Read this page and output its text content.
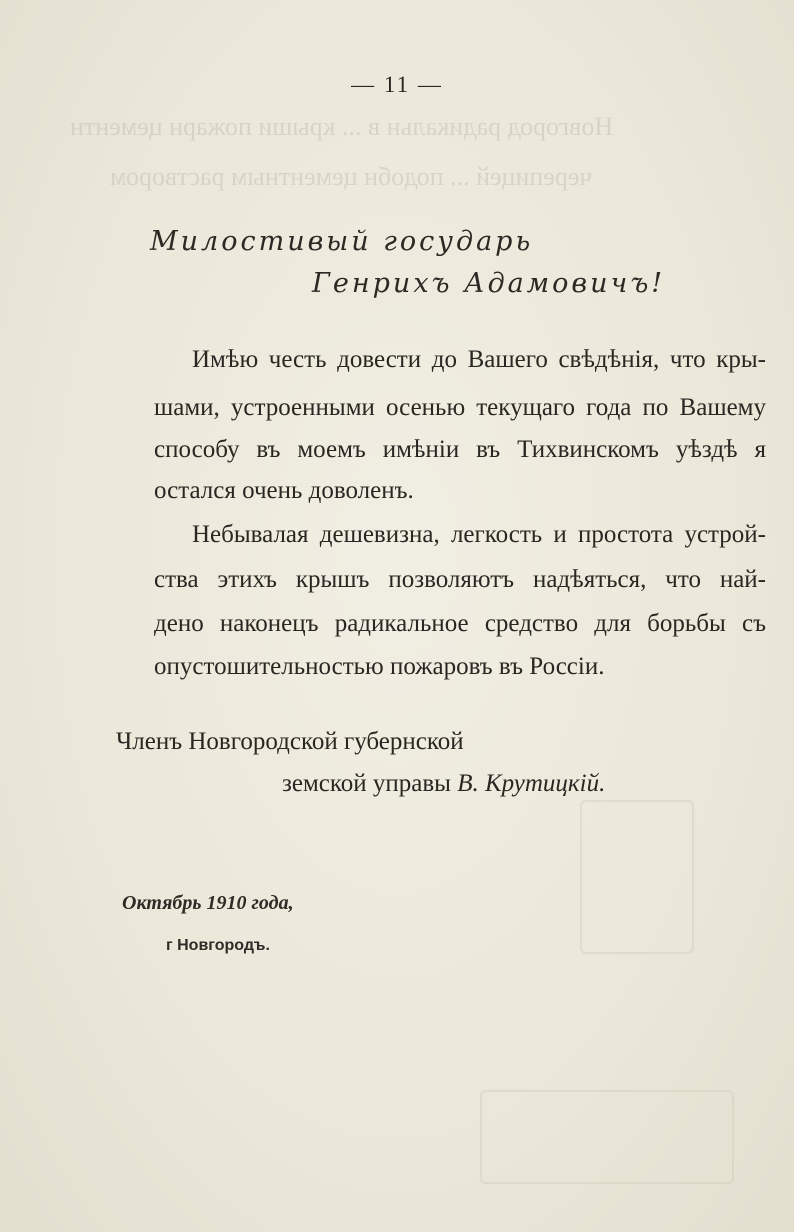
Новгород радикальн в ... крыши пожарн цементн
черепицей ... подобн цементным раствором
— 11 —
Милостивый государь
Генрихъ Адамовичъ!
Имѣю честь довести до Вашего свѣдѣнія, что кры-
шами, устроенными осенью текущаго года по Вашему
способу въ моемъ имѣніи въ Тихвинскомъ уѣздѣ я
остался очень доволенъ.
Небывалая дешевизна, легкость и простота устрой-
ства этихъ крышъ позволяютъ надѣяться, что най-
дено наконецъ радикальное средство для борьбы съ
опустошительностью пожаровъ въ Россіи.
Членъ Новгородской губернской
земской управы В. Крутицкій.
Октябрь 1910 года,
г Новгородъ.
